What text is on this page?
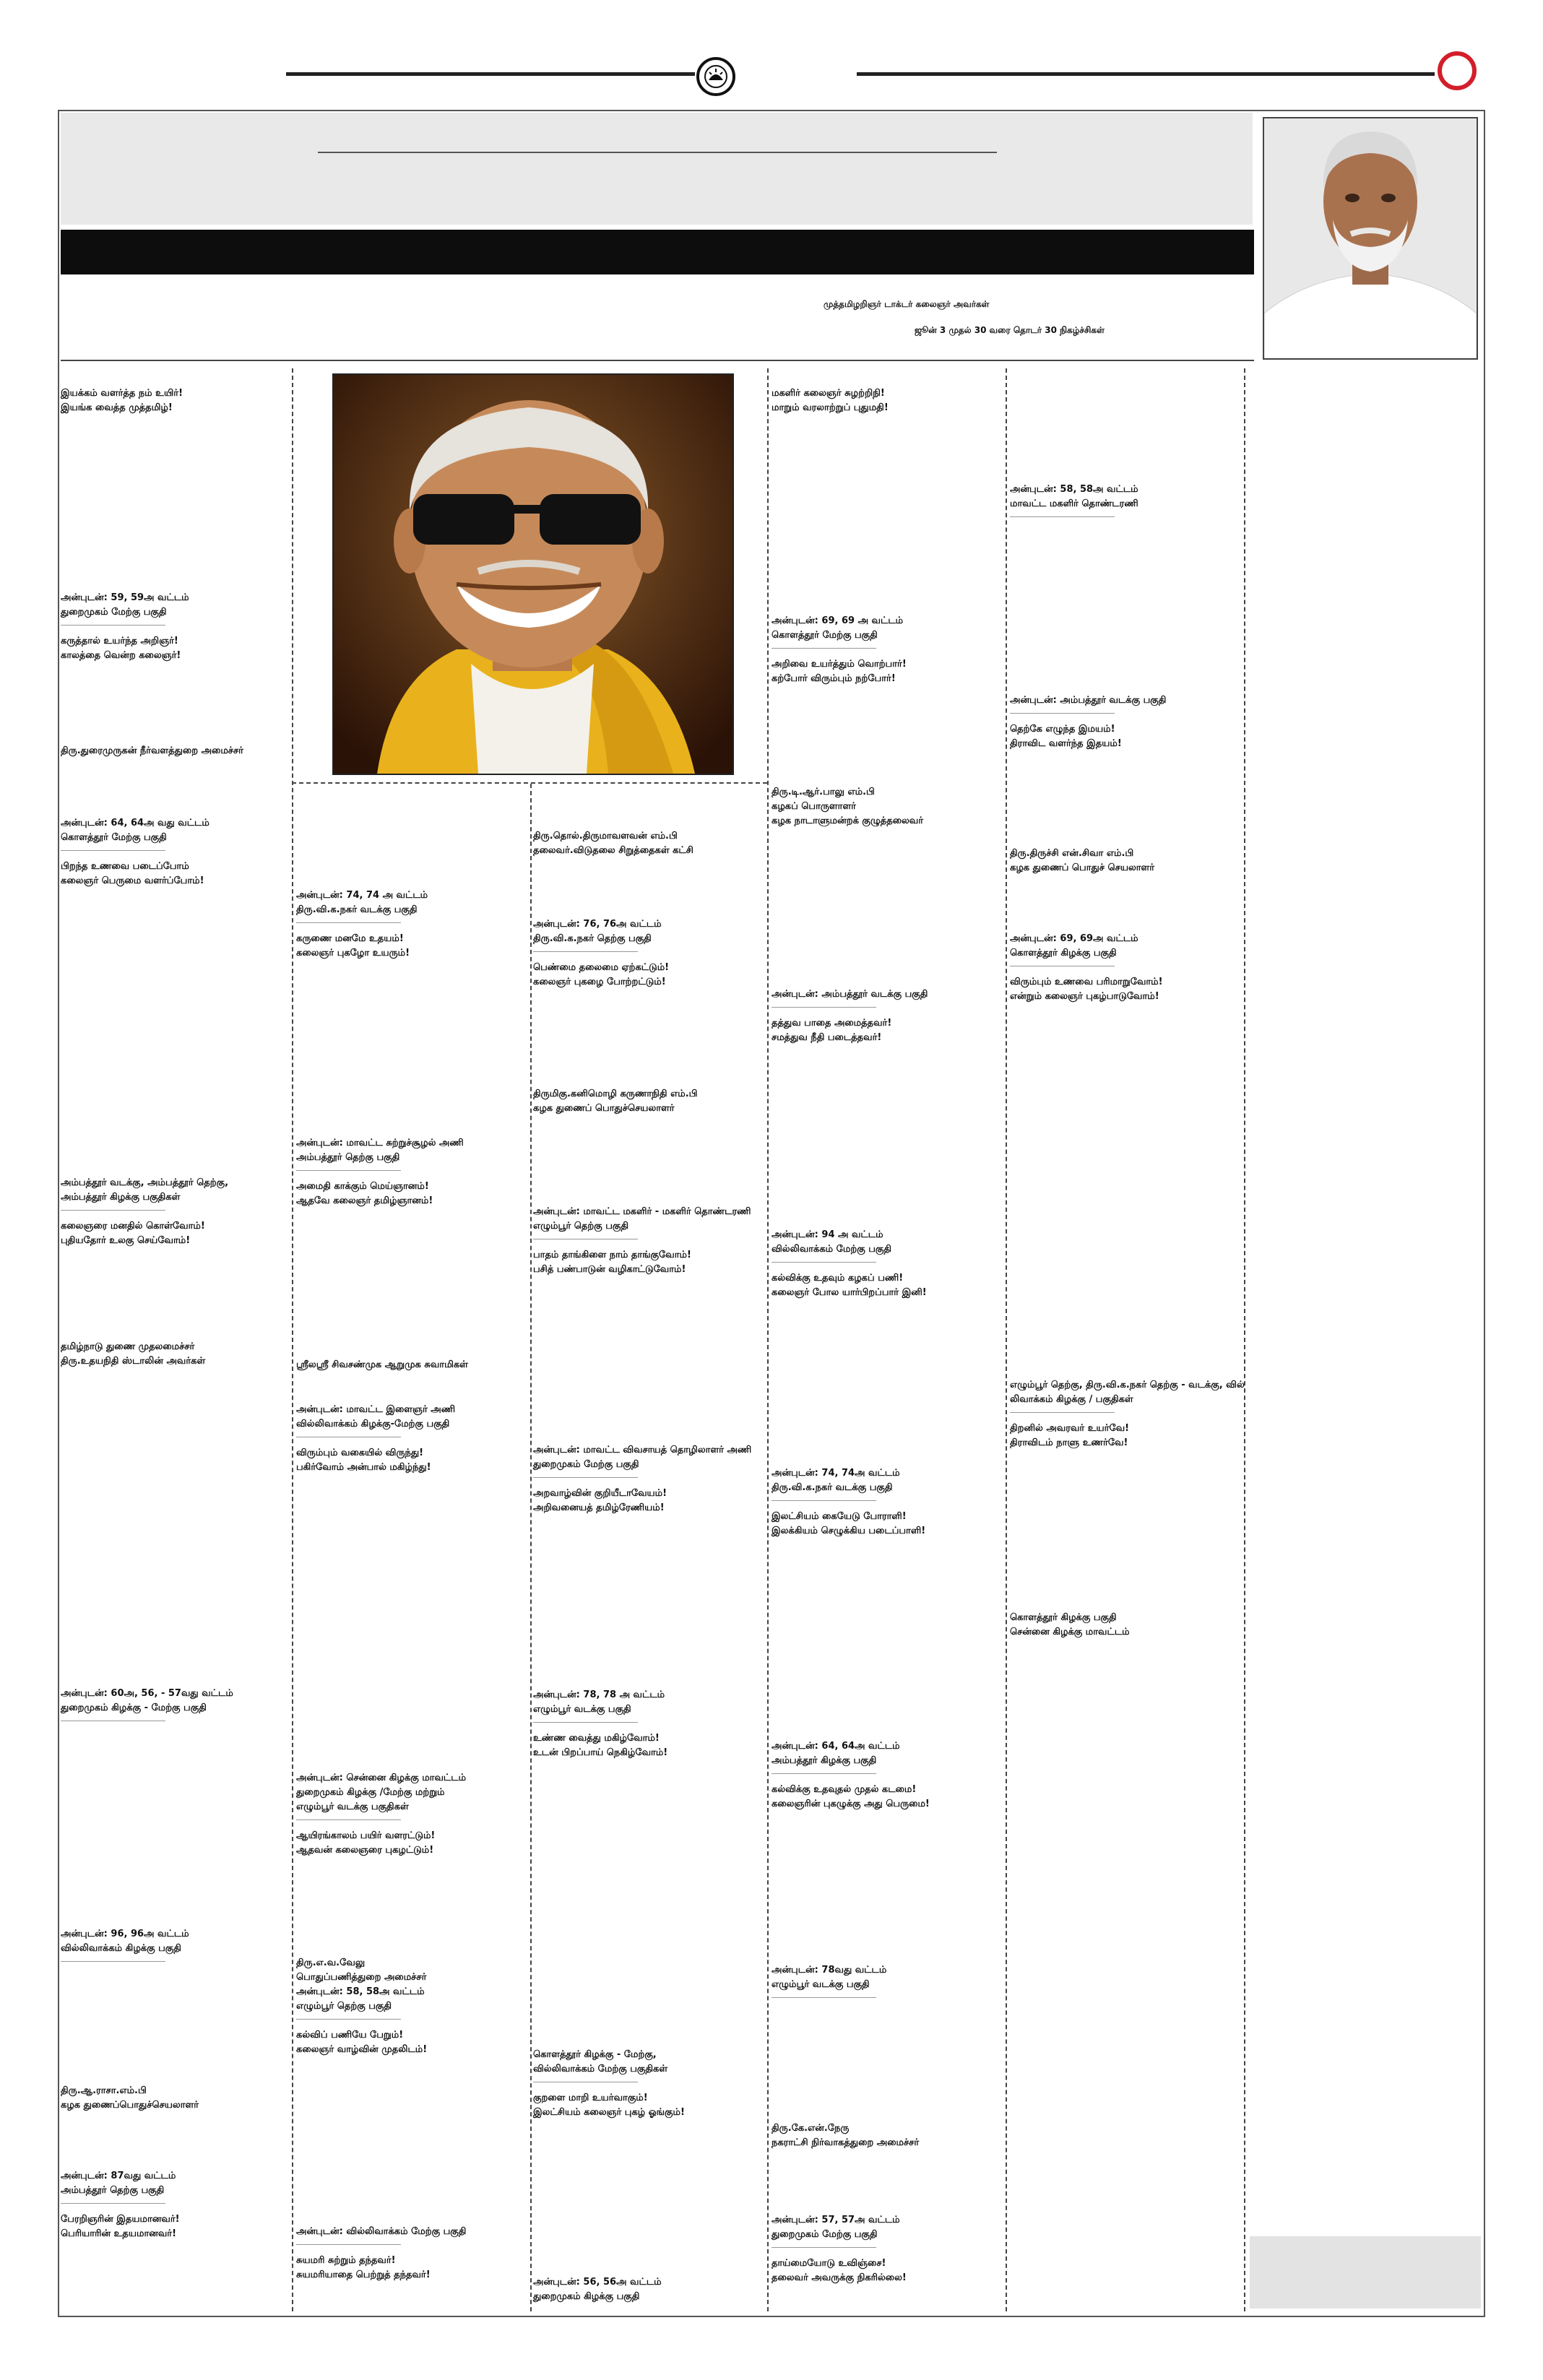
முத்தமிழறிஞர் டாக்டர் கலைஞர் அவர்கள்
ஜூன் 3 முதல் 30 வரை தொடர் 30 நிகழ்ச்சிகள்
இயக்கம் வளர்த்த நம் உயிர்!
இயங்க வைத்த முத்தமிழ்!
அன்புடன்: 59, 59அ வட்டம்
துறைமுகம் மேற்கு பகுதி
கருத்தால் உயர்ந்த அறிஞர்!
காலத்தை வென்ற கலைஞர்!
திரு.துரைமுருகன் நீர்வளத்துறை அமைச்சர்
அன்புடன்: 64, 64அ வது வட்டம்
கொளத்தூர் மேற்கு பகுதி
பிறந்த உணவை படைப்போம்
கலைஞர் பெருமை வளர்ப்போம்!
அம்பத்தூர் வடக்கு, அம்பத்தூர் தெற்கு,
அம்பத்தூர் கிழக்கு பகுதிகள்
கலைஞரை மனதில் கொள்வோம்!
புதியதோர் உலகு செய்வோம்!
தமிழ்நாடு துணை முதலமைச்சர்
திரு.உதயநிதி ஸ்டாலின் அவர்கள்
அன்புடன்: 60அ, 56, - 57வது வட்டம்
துறைமுகம் கிழக்கு - மேற்கு பகுதி
அன்புடன்: 96, 96அ வட்டம்
வில்லிவாக்கம் கிழக்கு பகுதி
திரு.ஆ.ராசா.எம்.பி
கழக துணைப்பொதுச்செயலாளர்
அன்புடன்: 87வது வட்டம்
அம்பத்தூர் தெற்கு பகுதி
பேரறிஞரின் இதயமானவர்!
பெரியாரின் உதயமானவர்!
அன்புடன்: 74, 74 அ வட்டம்
திரு.வி.க.நகர் வடக்கு பகுதி
கருணை மனமே உதயம்!
கலைஞர் புகழோ உயரும்!
அன்புடன்: மாவட்ட சுற்றுச்சூழல் அணி
அம்பத்தூர் தெற்கு பகுதி
அமைதி காக்கும் மெய்ஞானம்!
ஆதவே கலைஞர் தமிழ்ஞானம்!
ஸ்ரீலஸ்ரீ சிவசண்முக ஆறுமுக சுவாமிகள்
அன்புடன்: மாவட்ட இளைஞர் அணி
வில்லிவாக்கம் கிழக்கு-மேற்கு பகுதி
விரும்பும் வகையில் விருந்து!
பகிர்வோம் அன்பால் மகிழ்ந்து!
அன்புடன்: சென்னை கிழக்கு மாவட்டம்
துறைமுகம் கிழக்கு /மேற்கு மற்றும்
எழும்பூர் வடக்கு பகுதிகள்
ஆயிரங்காலம் பயிர் வளரட்டும்!
ஆதவன் கலைஞரை புகழட்டும்!
திரு.எ.வ.வேலு
பொதுப்பணித்துறை அமைச்சர்
அன்புடன்: 58, 58அ வட்டம்
எழும்பூர் தெற்கு பகுதி
கல்விப் பணியே பேறும்!
கலைஞர் வாழ்வின் முதலிடம்!
அன்புடன்: வில்லிவாக்கம் மேற்கு பகுதி
சுயமரி சுற்றும் தந்தவர்!
சுயமரியாதை பெற்றுத் தந்தவர்!
திரு.தொல்.திருமாவளவன் எம்.பி
தலைவர்.விடுதலை சிறுத்தைகள் கட்சி
அன்புடன்: 76, 76அ வட்டம்
திரு.வி.க.நகர் தெற்கு பகுதி
பெண்மை தலைமை ஏற்கட்டும்!
கலைஞர் புகழை போற்றட்டும்!
திருமிகு.கனிமொழி கருணாநிதி எம்.பி
கழக துணைப் பொதுச்செயலாளர்
அன்புடன்: மாவட்ட மகளிர் - மகளிர் தொண்டரணி
எழும்பூர் தெற்கு பகுதி
பாதம் தாங்கிளை நாம் தாங்குவோம்!
பசித் பண்பாடுன் வழிகாட்டுவோம்!
அன்புடன்: மாவட்ட விவசாயத் தொழிலாளர் அணி
துறைமுகம் மேற்கு பகுதி
அறவாழ்வின் குறியீடாவேயம்!
அறிவனையத் தமிழ்ரேணியம்!
அன்புடன்: 78, 78 அ வட்டம்
எழும்பூர் வடக்கு பகுதி
உண்ண வைத்து மகிழ்வோம்!
உடன் பிறப்பாய் நெகிழ்வோம்!
கொளத்தூர் கிழக்கு - மேற்கு,
வில்லிவாக்கம் மேற்கு பகுதிகள்
குறளை மாறி உயர்வாகும்!
இலட்சியம் கலைஞர் புகழ் ஓங்கும்!
அன்புடன்: 56, 56அ வட்டம்
துறைமுகம் கிழக்கு பகுதி
மகளிர் கலைஞர் சுழற்றிநி!
மாறும் வரலாற்றுப் புதுமதி!
அன்புடன்: 69, 69 அ வட்டம்
கொளத்தூர் மேற்கு பகுதி
அறிவை உயர்த்தும் வொற்பார்!
கற்போர் விரும்பும் நற்போர்!
திரு.டி.ஆர்.பாலு எம்.பி
கழகப் பொருளாளர்
கழக நாடாளுமன்றக் குழுத்தலைவர்
அன்புடன்: அம்பத்தூர் வடக்கு பகுதி
தத்துவ பாதை அமைத்தவர்!
சமத்துவ நீதி படைத்தவர்!
அன்புடன்: 94 அ வட்டம்
வில்லிவாக்கம் மேற்கு பகுதி
கல்விக்கு உதவும் கழகப் பணி!
கலைஞர் போல யார்பிறப்பார் இனி!
அன்புடன்: 74, 74அ வட்டம்
திரு.வி.க.நகர் வடக்கு பகுதி
இலட்சியம் கையேடு போராளி!
இலக்கியம் செழுக்கிய படைப்பாளி!
அன்புடன்: 64, 64அ வட்டம்
அம்பத்தூர் கிழக்கு பகுதி
கல்விக்கு உதவுதல் முதல் கடமை!
கலைஞரின் புகழுக்கு அது பெருமை!
அன்புடன்: 78வது வட்டம்
எழும்பூர் வடக்கு பகுதி
திரு.கே.என்.நேரு
நகராட்சி நிர்வாகத்துறை அமைச்சர்
அன்புடன்: 57, 57அ வட்டம்
துறைமுகம் மேற்கு பகுதி
தாய்மையோடு உவிஞ்சை!
தலைவர் அவருக்கு நிகரில்லை!
அன்புடன்: 58, 58அ வட்டம்
மாவட்ட மகளிர் தொண்டரணி
அன்புடன்: அம்பத்தூர் வடக்கு பகுதி
தெற்கே எழுந்த இமயம்!
திராவிட வளர்ந்த இதயம்!
திரு.திருச்சி என்.சிவா எம்.பி
கழக துணைப் பொதுச் செயலாளர்
அன்புடன்: 69, 69அ வட்டம்
கொளத்தூர் கிழக்கு பகுதி
விரும்பும் உணவை பரிமாறுவோம்!
என்றும் கலைஞர் புகழ்பாடுவோம்!
எழும்பூர் தெற்கு, திரு.வி.க.நகர் தெற்கு - வடக்கு, வில்
லிவாக்கம் கிழக்கு / பகுதிகள்
திறனில் அவரவர் உயர்வே!
திராவிடம் நாளு உணர்வே!
கொளத்தூர் கிழக்கு பகுதி
சென்னை கிழக்கு மாவட்டம்
